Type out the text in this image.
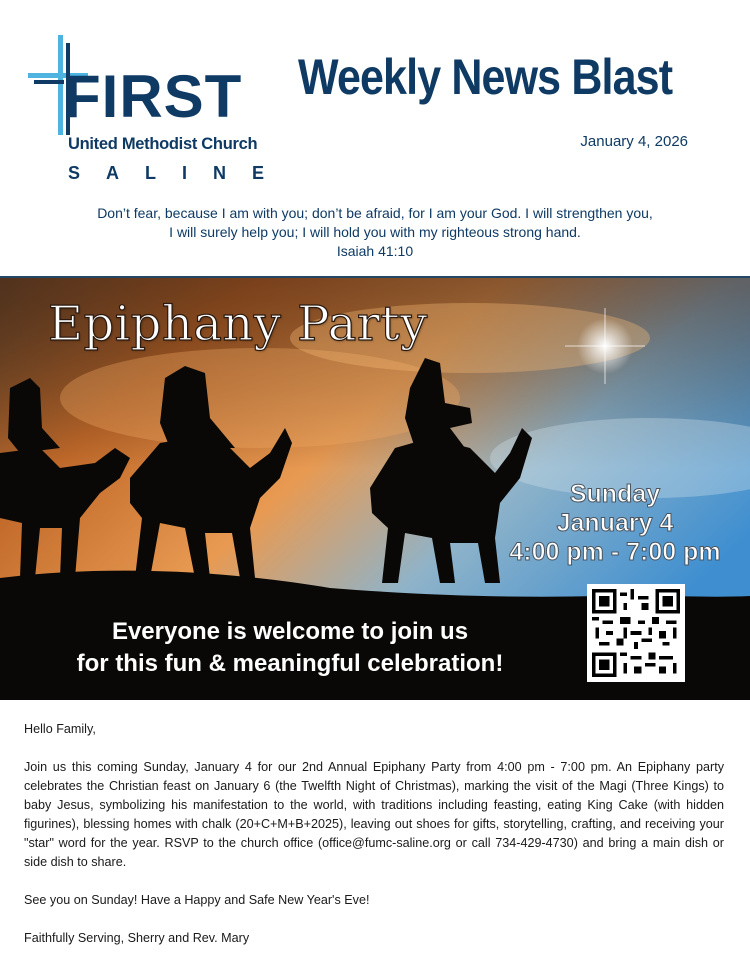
FIRST
United Methodist Church
SALINE
Weekly News Blast
January 4, 2026
Don’t fear, because I am with you; don’t be afraid, for I am your God. I will strengthen you,
I will surely help you; I will hold you with my righteous strong hand.
Isaiah 41:10
Epiphany Party
Sunday
January 4
4:00 pm - 7:00 pm
Everyone is welcome to join us
for this fun & meaningful celebration!

Hello Family,

Join us this coming Sunday, January 4 for our 2nd Annual Epiphany Party from 4:00 pm - 7:00 pm. An Epiphany party celebrates the Christian feast on January 6 (the Twelfth Night of Christmas), marking the visit of the Magi (Three Kings) to baby Jesus, symbolizing his manifestation to the world, with traditions including feasting, eating King Cake (with hidden figurines), blessing homes with chalk (20+C+M+B+2025), leaving out shoes for gifts, storytelling, crafting, and receiving your "star" word for the year. RSVP to the church office (office@fumc-saline.org or call 734-429-4730) and bring a main dish or side dish to share.

See you on Sunday! Have a Happy and Safe New Year's Eve!

Faithfully Serving, Sherry and Rev. Mary
